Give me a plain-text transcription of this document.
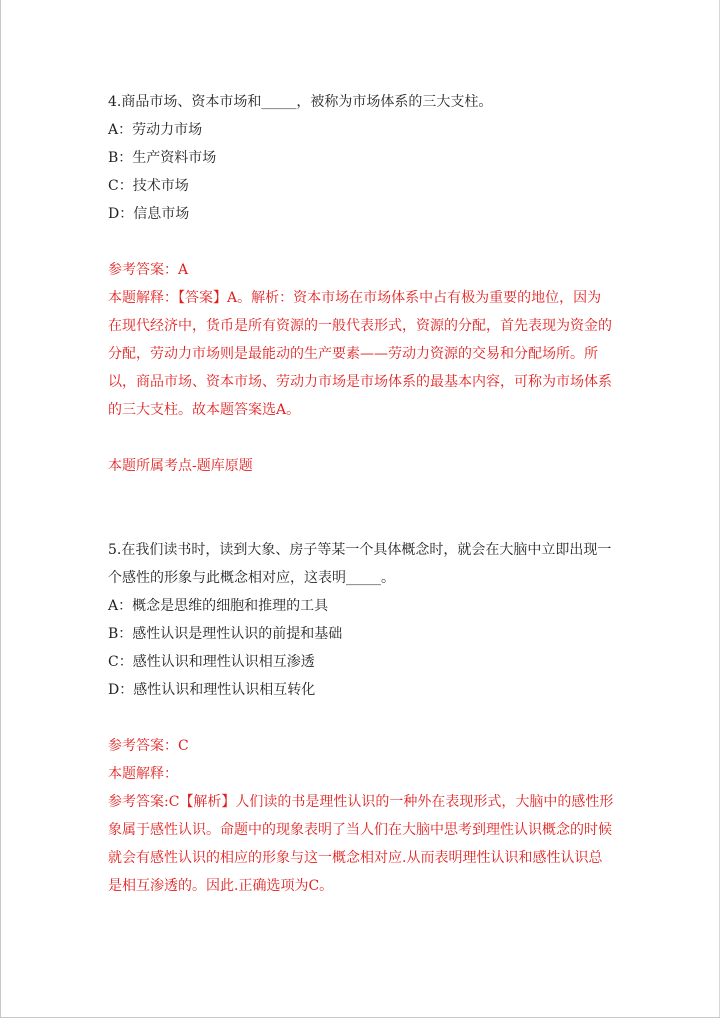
4.商品市场、资本市场和_____，被称为市场体系的三大支柱。
A：劳动力市场
B：生产资料市场
C：技术市场
D：信息市场
参考答案：A
本题解释：【答案】A。解析：资本市场在市场体系中占有极为重要的地位，因为在现代经济中，货币是所有资源的一般代表形式，资源的分配，首先表现为资金的分配，劳动力市场则是最能动的生产要素——劳动力资源的交易和分配场所。所以，商品市场、资本市场、劳动力市场是市场体系的最基本内容，可称为市场体系的三大支柱。故本题答案选A。
本题所属考点-题库原题
5.在我们读书时，读到大象、房子等某一个具体概念时，就会在大脑中立即出现一个感性的形象与此概念相对应，这表明_____。
A：概念是思维的细胞和推理的工具
B：感性认识是理性认识的前提和基础
C：感性认识和理性认识相互渗透
D：感性认识和理性认识相互转化
参考答案：C
本题解释：
参考答案:C【解析】人们读的书是理性认识的一种外在表现形式，大脑中的感性形象属于感性认识。命题中的现象表明了当人们在大脑中思考到理性认识概念的时候就会有感性认识的相应的形象与这一概念相对应.从而表明理性认识和感性认识总是相互渗透的。因此.正确选项为C。
